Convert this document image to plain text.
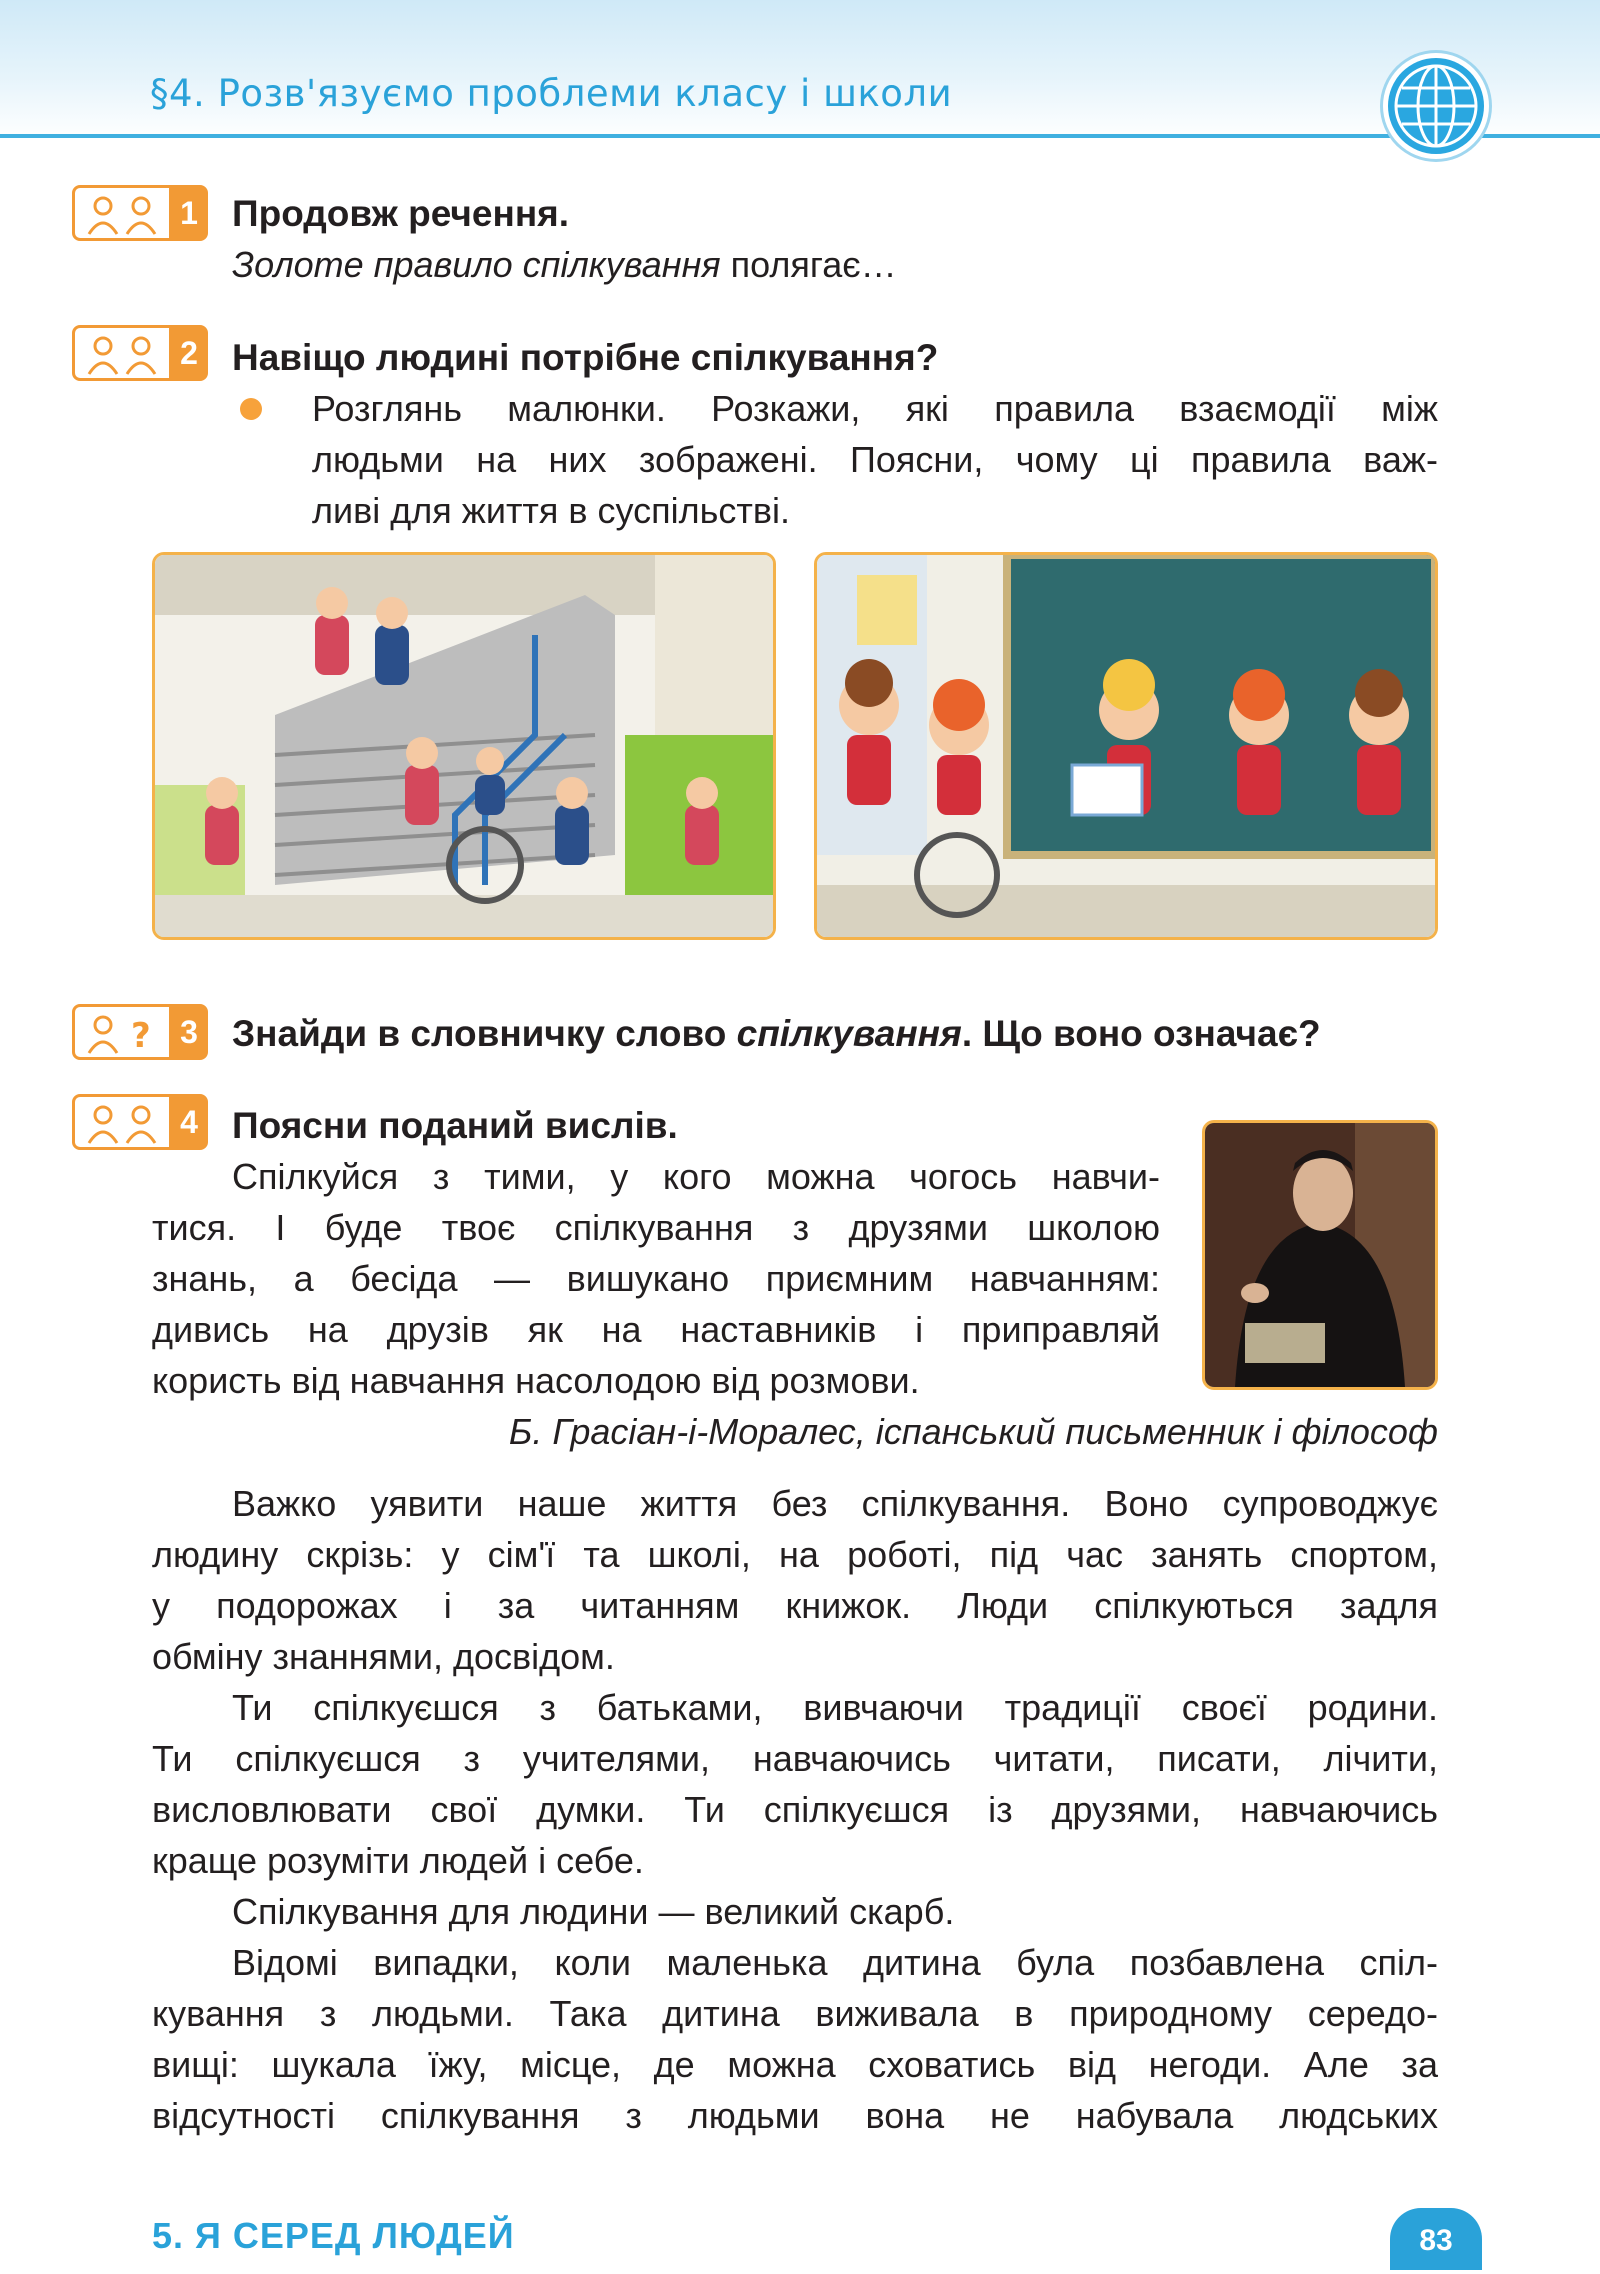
§4. Розв'язуємо проблеми класу і школи
1 Продовж речення.
Золоте правило спілкування полягає…
2 Навіщо людині потрібне спілкування?
Розглянь малюнки. Розкажи, які правила взаємодії між
людьми на них зображені. Поясни, чому ці правила важ-
ливі для життя в суспільстві.
? 3 Знайди в словничку слово спілкування. Що воно означає?
4 Поясни поданий вислів.
Спілкуйся з тими, у кого можна чогось навчи-
тися. І буде твоє спілкування з друзями школою
знань, а бесіда — вишукано приємним навчанням:
дивись на друзів як на наставників і приправляй
користь від навчання насолодою від розмови.
Б. Грасіан-і-Моралес, іспанський письменник і філософ
Важко уявити наше життя без спілкування. Воно супроводжує
людину скрізь: у сім'ї та школі, на роботі, під час занять спортом,
у подорожах і за читанням книжок. Люди спілкуються задля
обміну знаннями, досвідом.
Ти спілкуєшся з батьками, вивчаючи традиції своєї родини.
Ти спілкуєшся з учителями, навчаючись читати, писати, лічити,
висловлювати свої думки. Ти спілкуєшся із друзями, навчаючись
краще розуміти людей і себе.
Спілкування для людини — великий скарб.
Відомі випадки, коли маленька дитина була позбавлена спіл-
кування з людьми. Така дитина виживала в природному середо-
вищі: шукала їжу, місце, де можна сховатись від негоди. Але за
відсутності спілкування з людьми вона не набувала людських
5. Я СЕРЕД ЛЮДЕЙ	83
